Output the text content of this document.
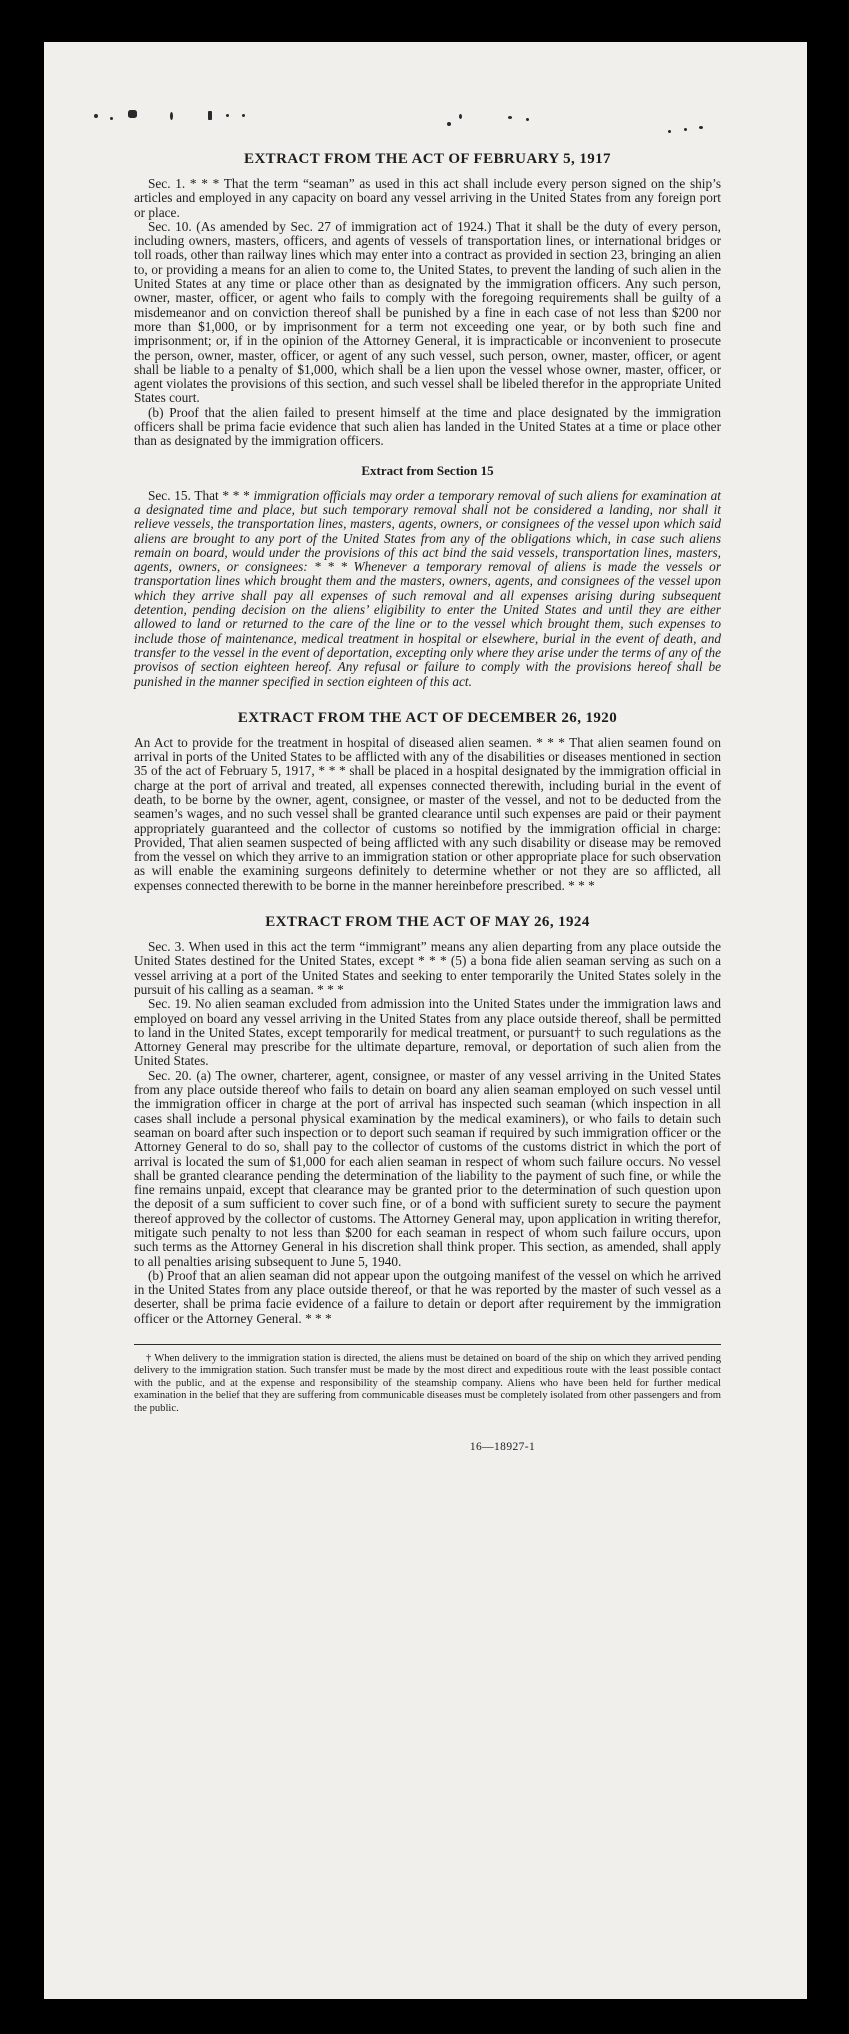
EXTRACT FROM THE ACT OF FEBRUARY 5, 1917

Sec. 1. * * * That the term “seaman” as used in this act shall include every person signed on the ship’s articles and employed in any capacity on board any vessel arriving in the United States from any foreign port or place.

Sec. 10. (As amended by Sec. 27 of immigration act of 1924.) That it shall be the duty of every person, including owners, masters, officers, and agents of vessels of transportation lines, or international bridges or toll roads, other than railway lines which may enter into a contract as provided in section 23, bringing an alien to, or providing a means for an alien to come to, the United States, to prevent the landing of such alien in the United States at any time or place other than as designated by the immigration officers. Any such person, owner, master, officer, or agent who fails to comply with the foregoing requirements shall be guilty of a misdemeanor and on conviction thereof shall be punished by a fine in each case of not less than $200 nor more than $1,000, or by imprisonment for a term not exceeding one year, or by both such fine and imprisonment; or, if in the opinion of the Attorney General, it is impracticable or inconvenient to prosecute the person, owner, master, officer, or agent of any such vessel, such person, owner, master, officer, or agent shall be liable to a penalty of $1,000, which shall be a lien upon the vessel whose owner, master, officer, or agent violates the provisions of this section, and such vessel shall be libeled therefor in the appropriate United States court.

(b) Proof that the alien failed to present himself at the time and place designated by the immigration officers shall be prima facie evidence that such alien has landed in the United States at a time or place other than as designated by the immigration officers.

Extract from Section 15

Sec. 15. That * * * immigration officials may order a temporary removal of such aliens for examination at a designated time and place, but such temporary removal shall not be considered a landing, nor shall it relieve vessels, the transportation lines, masters, agents, owners, or consignees of the vessel upon which said aliens are brought to any port of the United States from any of the obligations which, in case such aliens remain on board, would under the provisions of this act bind the said vessels, transportation lines, masters, agents, owners, or consignees: * * * Whenever a temporary removal of aliens is made the vessels or transportation lines which brought them and the masters, owners, agents, and consignees of the vessel upon which they arrive shall pay all expenses of such removal and all expenses arising during subsequent detention, pending decision on the aliens’ eligibility to enter the United States and until they are either allowed to land or returned to the care of the line or to the vessel which brought them, such expenses to include those of maintenance, medical treatment in hospital or elsewhere, burial in the event of death, and transfer to the vessel in the event of deportation, excepting only where they arise under the terms of any of the provisos of section eighteen hereof. Any refusal or failure to comply with the provisions hereof shall be punished in the manner specified in section eighteen of this act.

EXTRACT FROM THE ACT OF DECEMBER 26, 1920

An Act to provide for the treatment in hospital of diseased alien seamen. * * * That alien seamen found on arrival in ports of the United States to be afflicted with any of the disabilities or diseases mentioned in section 35 of the act of February 5, 1917, * * * shall be placed in a hospital designated by the immigration official in charge at the port of arrival and treated, all expenses connected therewith, including burial in the event of death, to be borne by the owner, agent, consignee, or master of the vessel, and not to be deducted from the seamen’s wages, and no such vessel shall be granted clearance until such expenses are paid or their payment appropriately guaranteed and the collector of customs so notified by the immigration official in charge: Provided, That alien seamen suspected of being afflicted with any such disability or disease may be removed from the vessel on which they arrive to an immigration station or other appropriate place for such observation as will enable the examining surgeons definitely to determine whether or not they are so afflicted, all expenses connected therewith to be borne in the manner hereinbefore prescribed. * * *

EXTRACT FROM THE ACT OF MAY 26, 1924

Sec. 3. When used in this act the term “immigrant” means any alien departing from any place outside the United States destined for the United States, except * * * (5) a bona fide alien seaman serving as such on a vessel arriving at a port of the United States and seeking to enter temporarily the United States solely in the pursuit of his calling as a seaman. * * *

Sec. 19. No alien seaman excluded from admission into the United States under the immigration laws and employed on board any vessel arriving in the United States from any place outside thereof, shall be permitted to land in the United States, except temporarily for medical treatment, or pursuant† to such regulations as the Attorney General may prescribe for the ultimate departure, removal, or deportation of such alien from the United States.

Sec. 20. (a) The owner, charterer, agent, consignee, or master of any vessel arriving in the United States from any place outside thereof who fails to detain on board any alien seaman employed on such vessel until the immigration officer in charge at the port of arrival has inspected such seaman (which inspection in all cases shall include a personal physical examination by the medical examiners), or who fails to detain such seaman on board after such inspection or to deport such seaman if required by such immigration officer or the Attorney General to do so, shall pay to the collector of customs of the customs district in which the port of arrival is located the sum of $1,000 for each alien seaman in respect of whom such failure occurs. No vessel shall be granted clearance pending the determination of the liability to the payment of such fine, or while the fine remains unpaid, except that clearance may be granted prior to the determination of such question upon the deposit of a sum sufficient to cover such fine, or of a bond with sufficient surety to secure the payment thereof approved by the collector of customs. The Attorney General may, upon application in writing therefor, mitigate such penalty to not less than $200 for each seaman in respect of whom such failure occurs, upon such terms as the Attorney General in his discretion shall think proper. This section, as amended, shall apply to all penalties arising subsequent to June 5, 1940.

(b) Proof that an alien seaman did not appear upon the outgoing manifest of the vessel on which he arrived in the United States from any place outside thereof, or that he was reported by the master of such vessel as a deserter, shall be prima facie evidence of a failure to detain or deport after requirement by the immigration officer or the Attorney General. * * *

† When delivery to the immigration station is directed, the aliens must be detained on board of the ship on which they arrived pending delivery to the immigration station. Such transfer must be made by the most direct and expeditious route with the least possible contact with the public, and at the expense and responsibility of the steamship company. Aliens who have been held for further medical examination in the belief that they are suffering from communicable diseases must be completely isolated from other passengers and from the public.

16—18927-1
